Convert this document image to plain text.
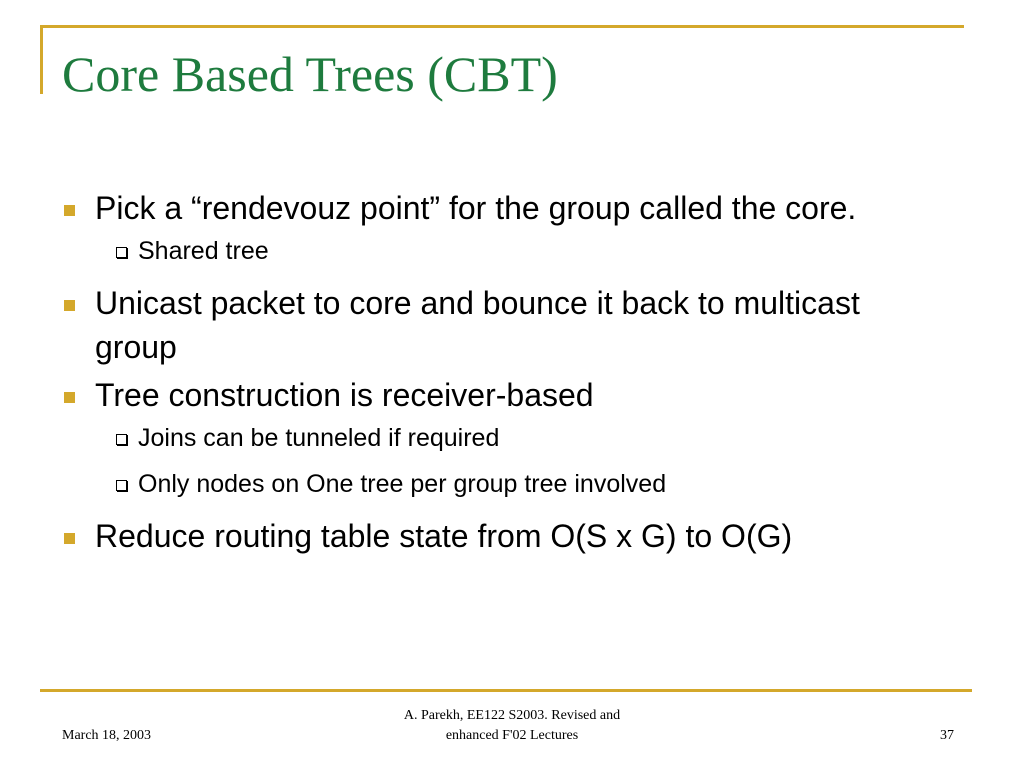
Core Based Trees (CBT)
Pick a “rendevouz point” for the group called the core.
Shared tree
Unicast packet to core and bounce it back to multicast group
Tree construction is receiver-based
Joins can be tunneled if required
Only nodes on One tree per group tree involved
Reduce routing table state from O(S x G) to O(G)
March 18, 2003
A. Parekh, EE122 S2003. Revised and
enhanced F'02 Lectures	37
